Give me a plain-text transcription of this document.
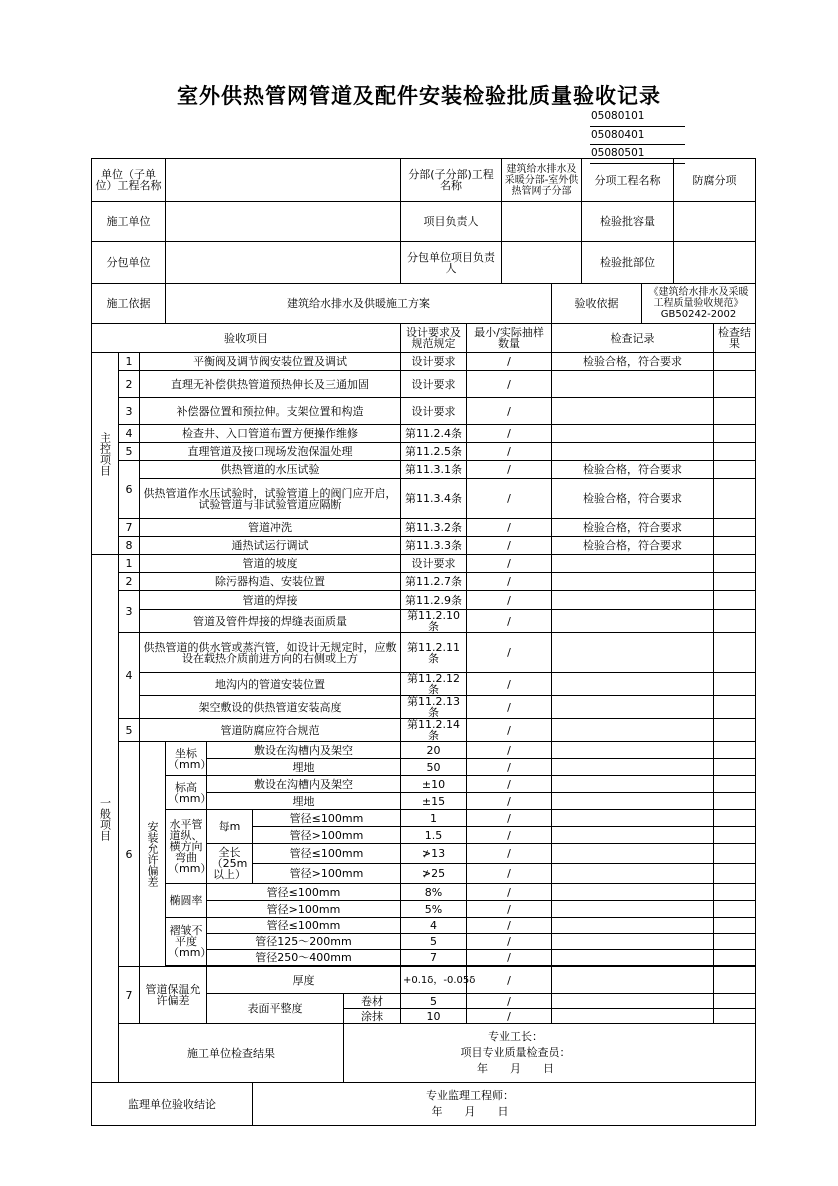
室外供热管网管道及配件安装检验批质量验收记录
05080101
05080401
05080501
单位（子单位）工程名称							分部(子分部)工程名称		建筑给水排水及采暖分部-室外供热管网子分部		分项工程名称		防腐分项	
施工单位							项目负责人				检验批容量			
分包单位							分包单位项目负责人				检验批部位			
施工依据			建筑给水排水及供暖施工方案							验收依据		《建筑给水排水及采暖工程质量验收规范》GB50242-2002		
验收项目							设计要求及规范规定	最小/实际抽样数量		检查记录				检查结果
主控项目	1	平衡阀及调节阀安装位置及调试					设计要求	/		检验合格，符合要求				
	2	直理无补偿供热管道预热伸长及三通加固					设计要求	/						
	3	补偿器位置和预拉伸。支架位置和构造					设计要求	/						
	4	检查井、入口管道布置方便操作维修					第11.2.4条	/						
	5	直理管道及接口现场发泡保温处理					第11.2.5条	/						
	6	供热管道的水压试验					第11.3.1条	/		检验合格，符合要求				
		供热管道作水压试验时，试验管道上的阀门应开启，试验管道与非试验管道应隔断					第11.3.4条	/		检验合格，符合要求				
	7	管道冲洗					第11.3.2条	/		检验合格，符合要求				
	8	通热试运行调试					第11.3.3条	/		检验合格，符合要求				
一般项目	1	管道的坡度					设计要求	/						
	2	除污器构造、安装位置					第11.2.7条	/						
	3	管道的焊接					第11.2.9条	/						
		管道及管件焊接的焊缝表面质量					第11.2.10条	/						
	4	供热管道的供水管或蒸汽管，如设计无规定时，应敷设在载热介质前进方向的右侧或上方					第11.2.11条	/						
		地沟内的管道安装位置					第11.2.12条	/						
		架空敷设的供热管道安装高度					第11.2.13条	/						
	5	管道防腐应符合规范					第11.2.14条	/						
	6	安装允许偏差	坐标（mm）	敷设在沟槽内及架空			20	/						
				埋地			50	/						
			标高（mm）	敷设在沟槽内及架空			±10	/						
				埋地			±15	/						
			水平管道纵、横方向弯曲（mm）	每m	管径≤100mm		1	/						
					管径>100mm		1.5	/						
				全长（25m以上）	管径≤100mm		≯13	/						
					管径>100mm		≯25	/						
			椭圆率	管径≤100mm			8%	/						
				管径>100mm			5%	/						
			褶皱不平度（mm）	管径≤100mm			4	/						
				管径125～200mm			5	/						
				管径250～400mm			7	/						

	7	管道保温允许偏差		厚度			+0.1δ，-0.05δ	/						
				表面平整度		卷材	5	/						
						涂抹	10	/						
	施工单位检查结果					专业工长：
项目专业质量检查员：
年　　月　　日								

监理单位验收结论					专业监理工程师：
年　　月　　日									
